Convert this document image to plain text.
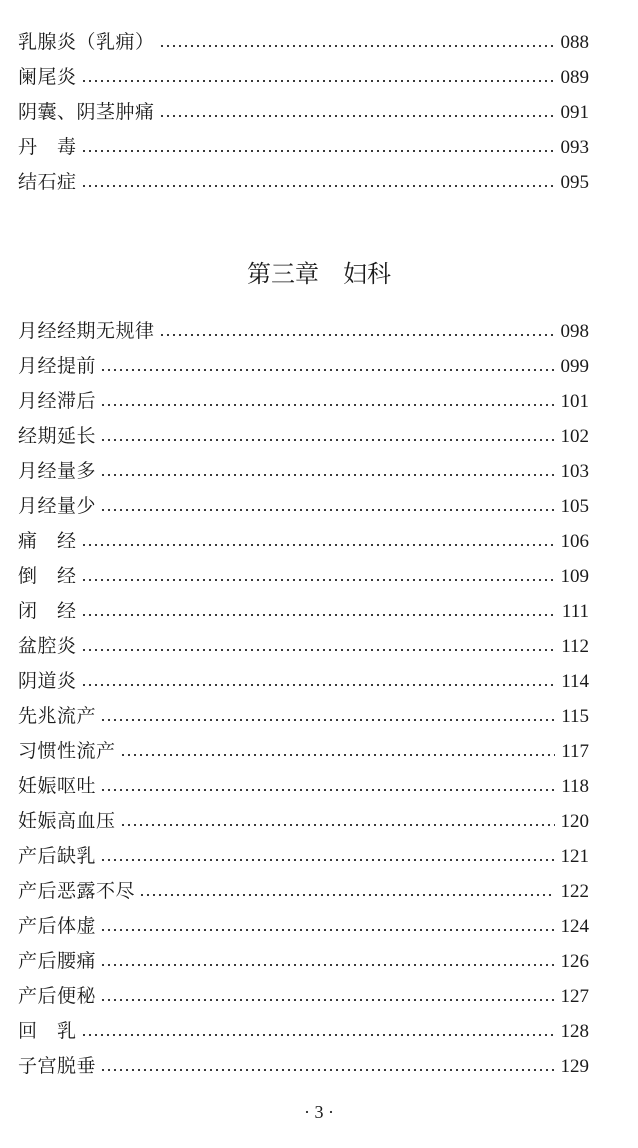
乳腺炎（乳痈）	088
阑尾炎	089
阴囊、阴茎肿痛	091
丹　毒	093
结石症	095
第三章　妇科
月经经期无规律	098
月经提前	099
月经滞后	101
经期延长	102
月经量多	103
月经量少	105
痛　经	106
倒　经	109
闭　经	111
盆腔炎	112
阴道炎	114
先兆流产	115
习惯性流产	117
妊娠呕吐	118
妊娠高血压	120
产后缺乳	121
产后恶露不尽	122
产后体虚	124
产后腰痛	126
产后便秘	127
回　乳	128
子宫脱垂	129
· 3 ·
